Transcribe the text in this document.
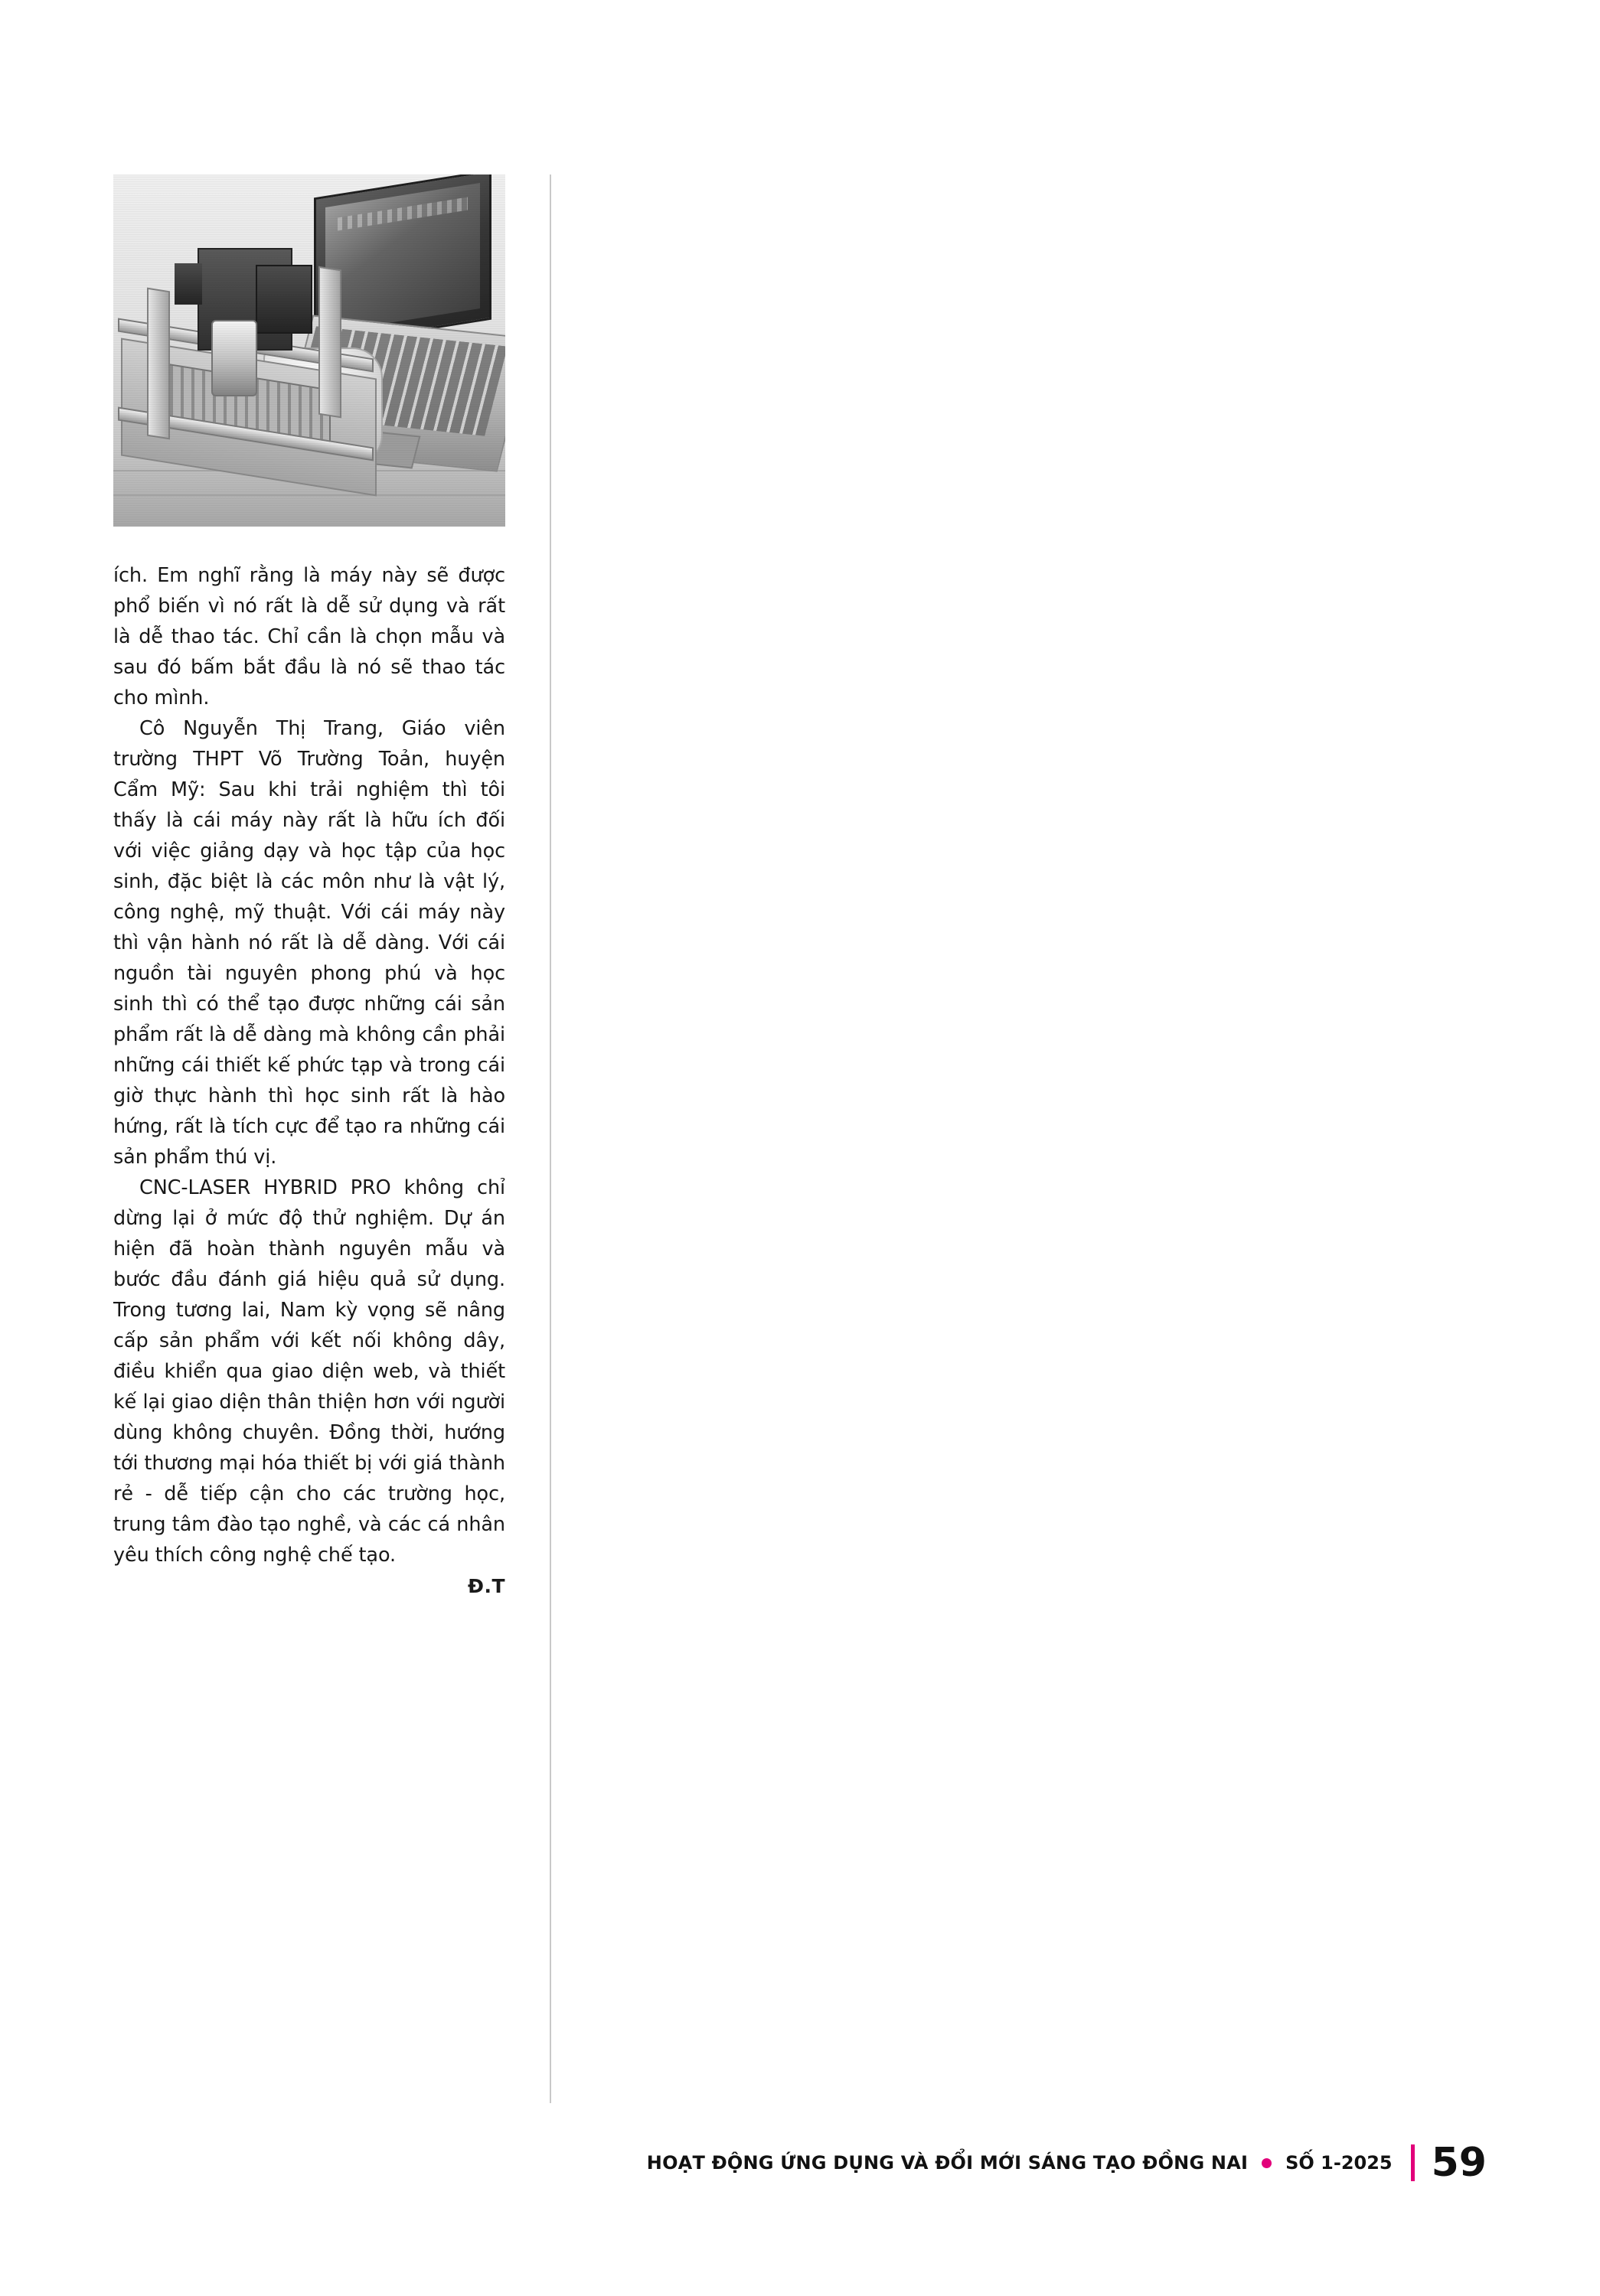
ích. Em nghĩ rằng là máy này sẽ được phổ biến vì nó rất là dễ sử dụng và rất là dễ thao tác. Chỉ cần là chọn mẫu và sau đó bấm bắt đầu là nó sẽ thao tác cho mình.

Cô Nguyễn Thị Trang, Giáo viên trường THPT Võ Trường Toản, huyện Cẩm Mỹ: Sau khi trải nghiệm thì tôi thấy là cái máy này rất là hữu ích đối với việc giảng dạy và học tập của học sinh, đặc biệt là các môn như là vật lý, công nghệ, mỹ thuật. Với cái máy này thì vận hành nó rất là dễ dàng. Với cái nguồn tài nguyên phong phú và học sinh thì có thể tạo được những cái sản phẩm rất là dễ dàng mà không cần phải những cái thiết kế phức tạp và trong cái giờ thực hành thì học sinh rất là hào hứng, rất là tích cực để tạo ra những cái sản phẩm thú vị.

CNC-LASER HYBRID PRO không chỉ dừng lại ở mức độ thử nghiệm. Dự án hiện đã hoàn thành nguyên mẫu và bước đầu đánh giá hiệu quả sử dụng. Trong tương lai, Nam kỳ vọng sẽ nâng cấp sản phẩm với kết nối không dây, điều khiển qua giao diện web, và thiết kế lại giao diện thân thiện hơn với người dùng không chuyên. Đồng thời, hướng tới thương mại hóa thiết bị với giá thành rẻ - dễ tiếp cận cho các trường học, trung tâm đào tạo nghề, và các cá nhân yêu thích công nghệ chế tạo.

Đ.T
HOẠT ĐỘNG ỨNG DỤNG VÀ ĐỔI MỚI SÁNG TẠO ĐỒNG NAI SỐ 1-2025 59
